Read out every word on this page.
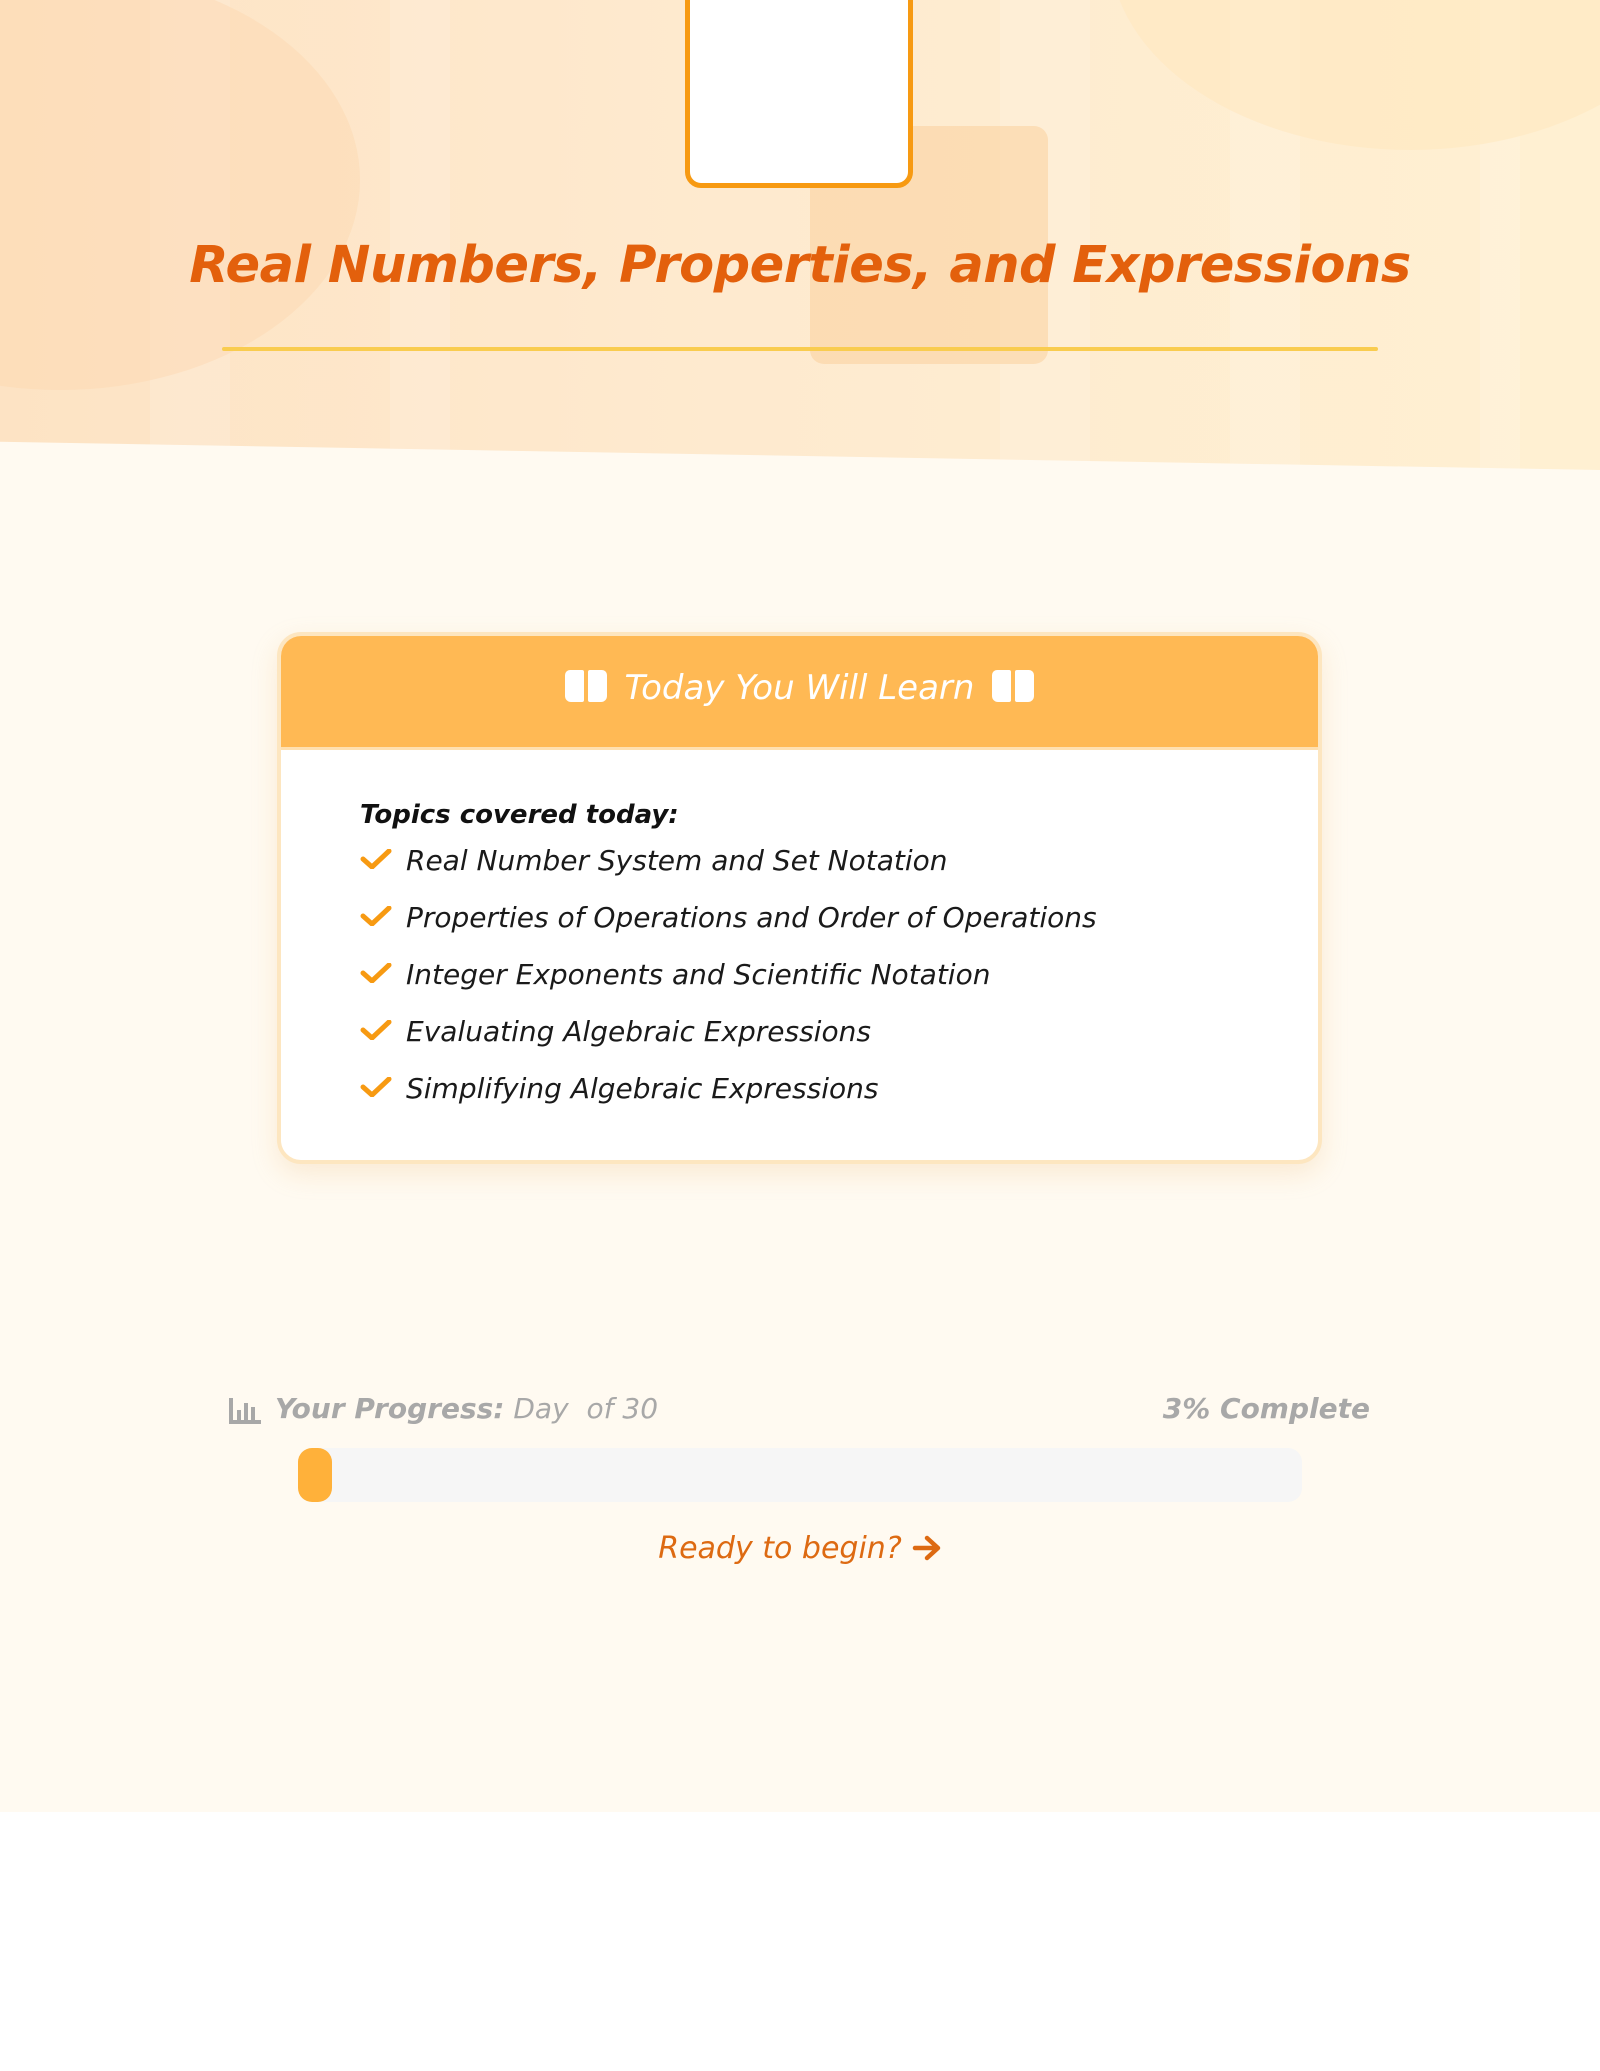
Real Numbers, Properties, and Expressions
Today You Will Learn
Topics covered today:
Real Number System and Set Notation
Properties of Operations and Order of Operations
Integer Exponents and Scientific Notation
Evaluating Algebraic Expressions
Simplifying Algebraic Expressions
Your Progress: Day  of 30	3% Complete
Ready to begin?
